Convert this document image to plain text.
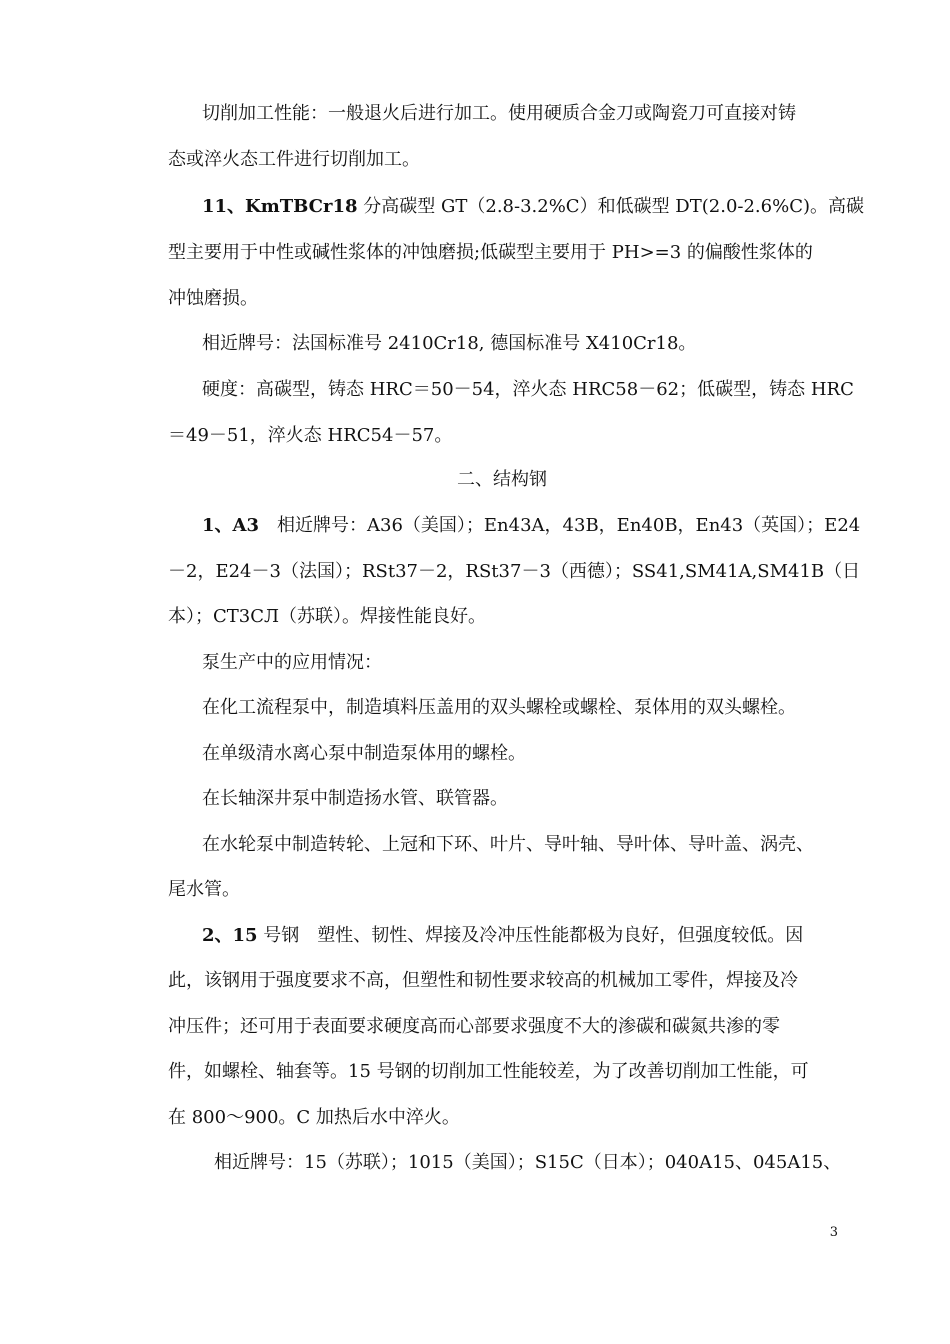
切削加工性能：一般退火后进行加工。使用硬质合金刀或陶瓷刀可直接对铸
态或淬火态工件进行切削加工。
11、KmTBCr18 分高碳型 GT（2.8-3.2%C）和低碳型 DT(2.0-2.6%C)。高碳
型主要用于中性或碱性浆体的冲蚀磨损;低碳型主要用于 PH>=3 的偏酸性浆体的
冲蚀磨损。
相近牌号：法国标准号 2410Cr18, 德国标准号 X410Cr18。
硬度：高碳型，铸态 HRC＝50－54，淬火态 HRC58－62；低碳型，铸态 HRC
＝49－51，淬火态 HRC54－57。
二、结构钢
1、A3　相近牌号：A36（美国）；En43A，43B，En40B，En43（英国）；E24
－2，E24－3（法国）；RSt37－2，RSt37－3（西德）；SS41,SM41A,SM41B（日
本）；CT3CЛ（苏联）。焊接性能良好。
泵生产中的应用情况：
在化工流程泵中，制造填料压盖用的双头螺栓或螺栓、泵体用的双头螺栓。
在单级清水离心泵中制造泵体用的螺栓。
在长轴深井泵中制造扬水管、联管器。
在水轮泵中制造转轮、上冠和下环、叶片、导叶轴、导叶体、导叶盖、涡壳、
尾水管。
2、15 号钢　塑性、韧性、焊接及冷冲压性能都极为良好，但强度较低。因
此，该钢用于强度要求不高，但塑性和韧性要求较高的机械加工零件，焊接及冷
冲压件；还可用于表面要求硬度高而心部要求强度不大的渗碳和碳氮共渗的零
件，如螺栓、轴套等。15 号钢的切削加工性能较差，为了改善切削加工性能，可
在 800～900。C 加热后水中淬火。
相近牌号：15（苏联）；1015（美国）；S15C（日本）；040A15、045A15、
3
